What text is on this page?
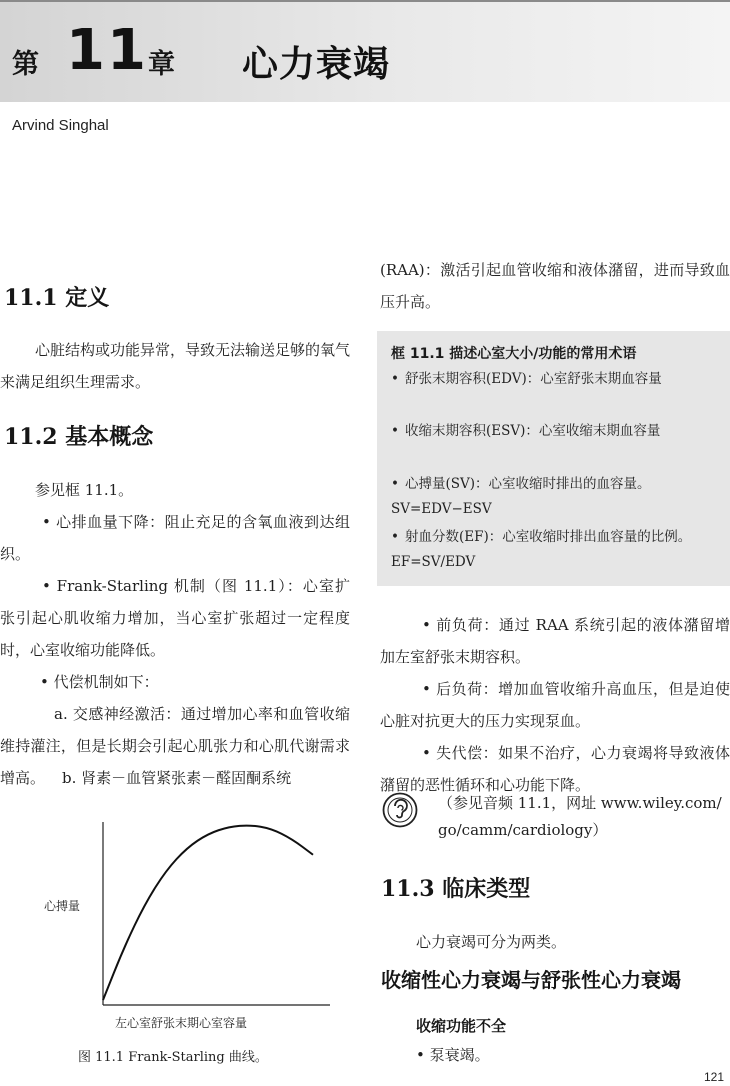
第 11 章 心力衰竭
Arvind Singhal
11.1 定义
心脏结构或功能异常，导致无法输送足够的氧气来满足组织生理需求。
11.2 基本概念
参见框 11.1。
• 心排血量下降：阻止充足的含氧血液到达组织。
• Frank-Starling 机制（图 11.1）：心室扩张引起心肌收缩力增加，当心室扩张超过一定程度时，心室收缩功能降低。
• 代偿机制如下：
a. 交感神经激活：通过增加心率和血管收缩维持灌注，但是长期会引起心肌张力和心肌代谢需求增高。	b. 肾素－血管紧张素－醛固酮系统
心搏量
左心室舒张末期心室容量
图 11.1 Frank-Starling 曲线。
(RAA)：激活引起血管收缩和液体潴留，进而导致血压升高。
框 11.1 描述心室大小/功能的常用术语
• 舒张末期容积(EDV)：心室舒张末期血容量
• 收缩末期容积(ESV)：心室收缩末期血容量
• 心搏量(SV)：心室收缩时排出的血容量。SV=EDV−ESV
• 射血分数(EF)：心室收缩时排出血容量的比例。EF=SV/EDV
• 前负荷：通过 RAA 系统引起的液体潴留增加左室舒张末期容积。
• 后负荷：增加血管收缩升高血压，但是迫使心脏对抗更大的压力实现泵血。
• 失代偿：如果不治疗，心力衰竭将导致液体潴留的恶性循环和心功能下降。
（参见音频 11.1，网址 www.wiley.com/
go/camm/cardiology）
11.3 临床类型
心力衰竭可分为两类。
收缩性心力衰竭与舒张性心力衰竭
收缩功能不全
• 泵衰竭。
121
